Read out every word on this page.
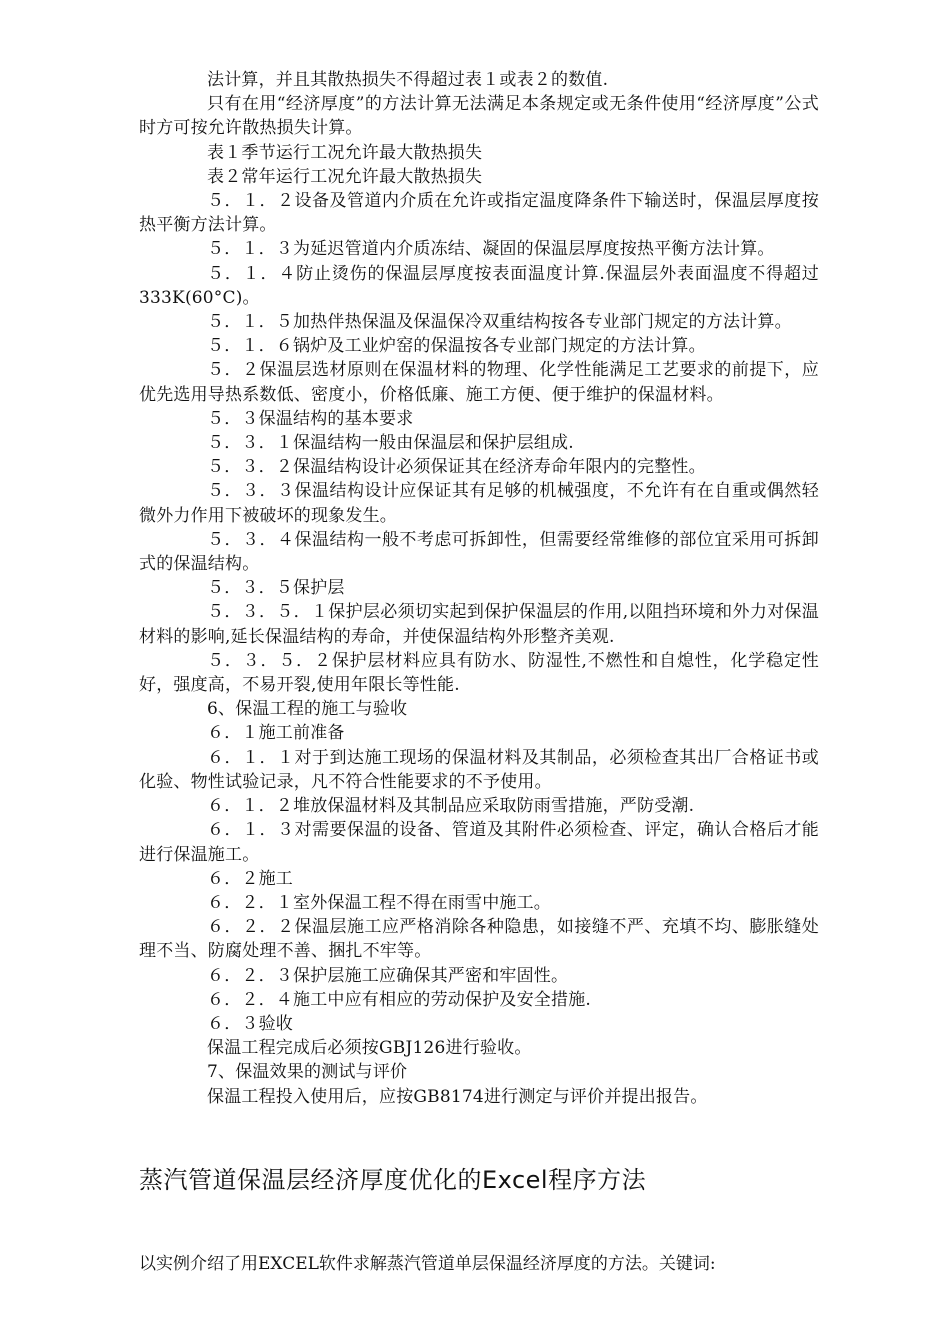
法计算，并且其散热损失不得超过表１或表２的数值.

只有在用“经济厚度”的方法计算无法满足本条规定或无条件使用“经济厚度”公式时方可按允许散热损失计算。

表１季节运行工况允许最大散热损失

表２常年运行工况允许最大散热损失

５．１．２设备及管道内介质在允许或指定温度降条件下输送时，保温层厚度按热平衡方法计算。

５．１．３为延迟管道内介质冻结、凝固的保温层厚度按热平衡方法计算。

５．１．４防止烫伤的保温层厚度按表面温度计算.保温层外表面温度不得超过333K(60°C)。

５．１．５加热伴热保温及保温保冷双重结构按各专业部门规定的方法计算。

５．１．６锅炉及工业炉窑的保温按各专业部门规定的方法计算。

５．２保温层选材原则在保温材料的物理、化学性能满足工艺要求的前提下，应优先选用导热系数低、密度小，价格低廉、施工方便、便于维护的保温材料。

５．３保温结构的基本要求

５．３．１保温结构一般由保温层和保护层组成.

５．３．２保温结构设计必须保证其在经济寿命年限内的完整性。

５．３．３保温结构设计应保证其有足够的机械强度，不允许有在自重或偶然轻微外力作用下被破坏的现象发生。

５．３．４保温结构一般不考虑可拆卸性，但需要经常维修的部位宜采用可拆卸式的保温结构。

５．３．５保护层

５．３．５．１保护层必须切实起到保护保温层的作用,以阻挡环境和外力对保温材料的影响,延长保温结构的寿命，并使保温结构外形整齐美观.

５．３．５．２保护层材料应具有防水、防湿性,不燃性和自熄性，化学稳定性好，强度高，不易开裂,使用年限长等性能.

6、保温工程的施工与验收

６．１施工前准备

６．１．１对于到达施工现场的保温材料及其制品，必须检查其出厂合格证书或化验、物性试验记录，凡不符合性能要求的不予使用。

６．１．２堆放保温材料及其制品应采取防雨雪措施，严防受潮.

６．１．３对需要保温的设备、管道及其附件必须检查、评定，确认合格后才能进行保温施工。

６．２施工

６．２．１室外保温工程不得在雨雪中施工。

６．２．２保温层施工应严格消除各种隐患，如接缝不严、充填不均、膨胀缝处理不当、防腐处理不善、捆扎不牢等。

６．２．３保护层施工应确保其严密和牢固性。

６．２．４施工中应有相应的劳动保护及安全措施.

６．３验收

保温工程完成后必须按GBJ126进行验收。

7、保温效果的测试与评价

保温工程投入使用后，应按GB8174进行测定与评价并提出报告。

蒸汽管道保温层经济厚度优化的Excel程序方法

以实例介绍了用EXCEL软件求解蒸汽管道单层保温经济厚度的方法。关键词:
